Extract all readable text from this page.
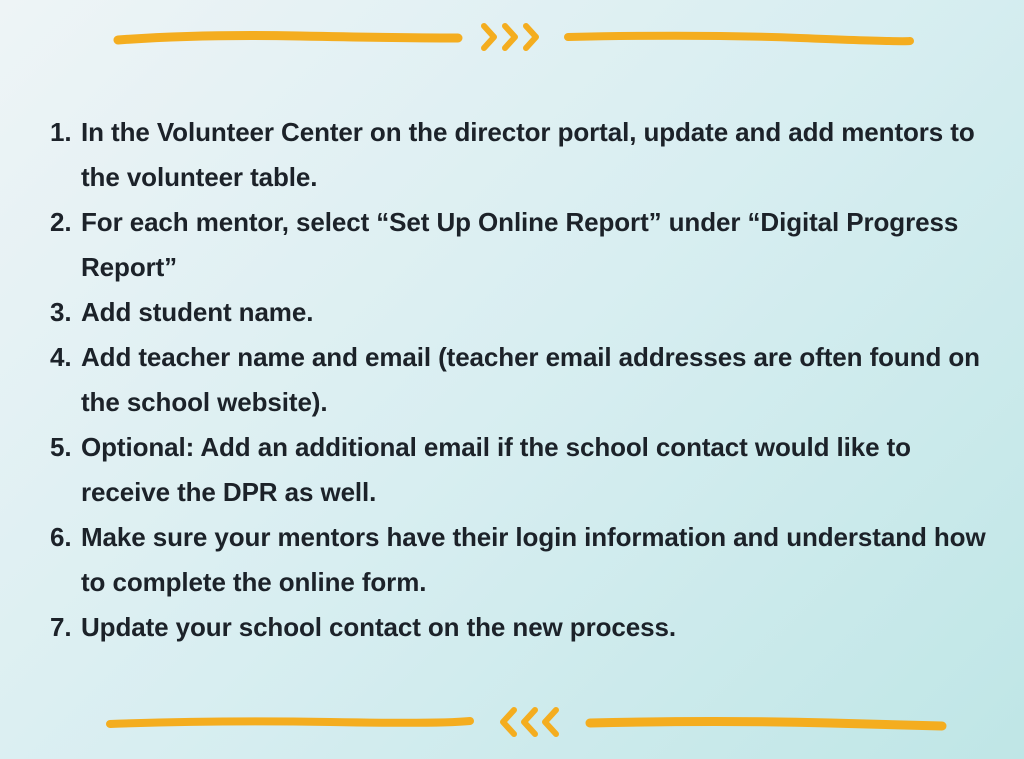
1. In the Volunteer Center on the director portal, update and add mentors to the volunteer table.
2. For each mentor, select “Set Up Online Report” under “Digital Progress Report”
3. Add student name.
4. Add teacher name and email (teacher email addresses are often found on the school website).
5. Optional: Add an additional email if the school contact would like to receive the DPR as well.
6. Make sure your mentors have their login information and understand how to complete the online form.
7. Update your school contact on the new process.
